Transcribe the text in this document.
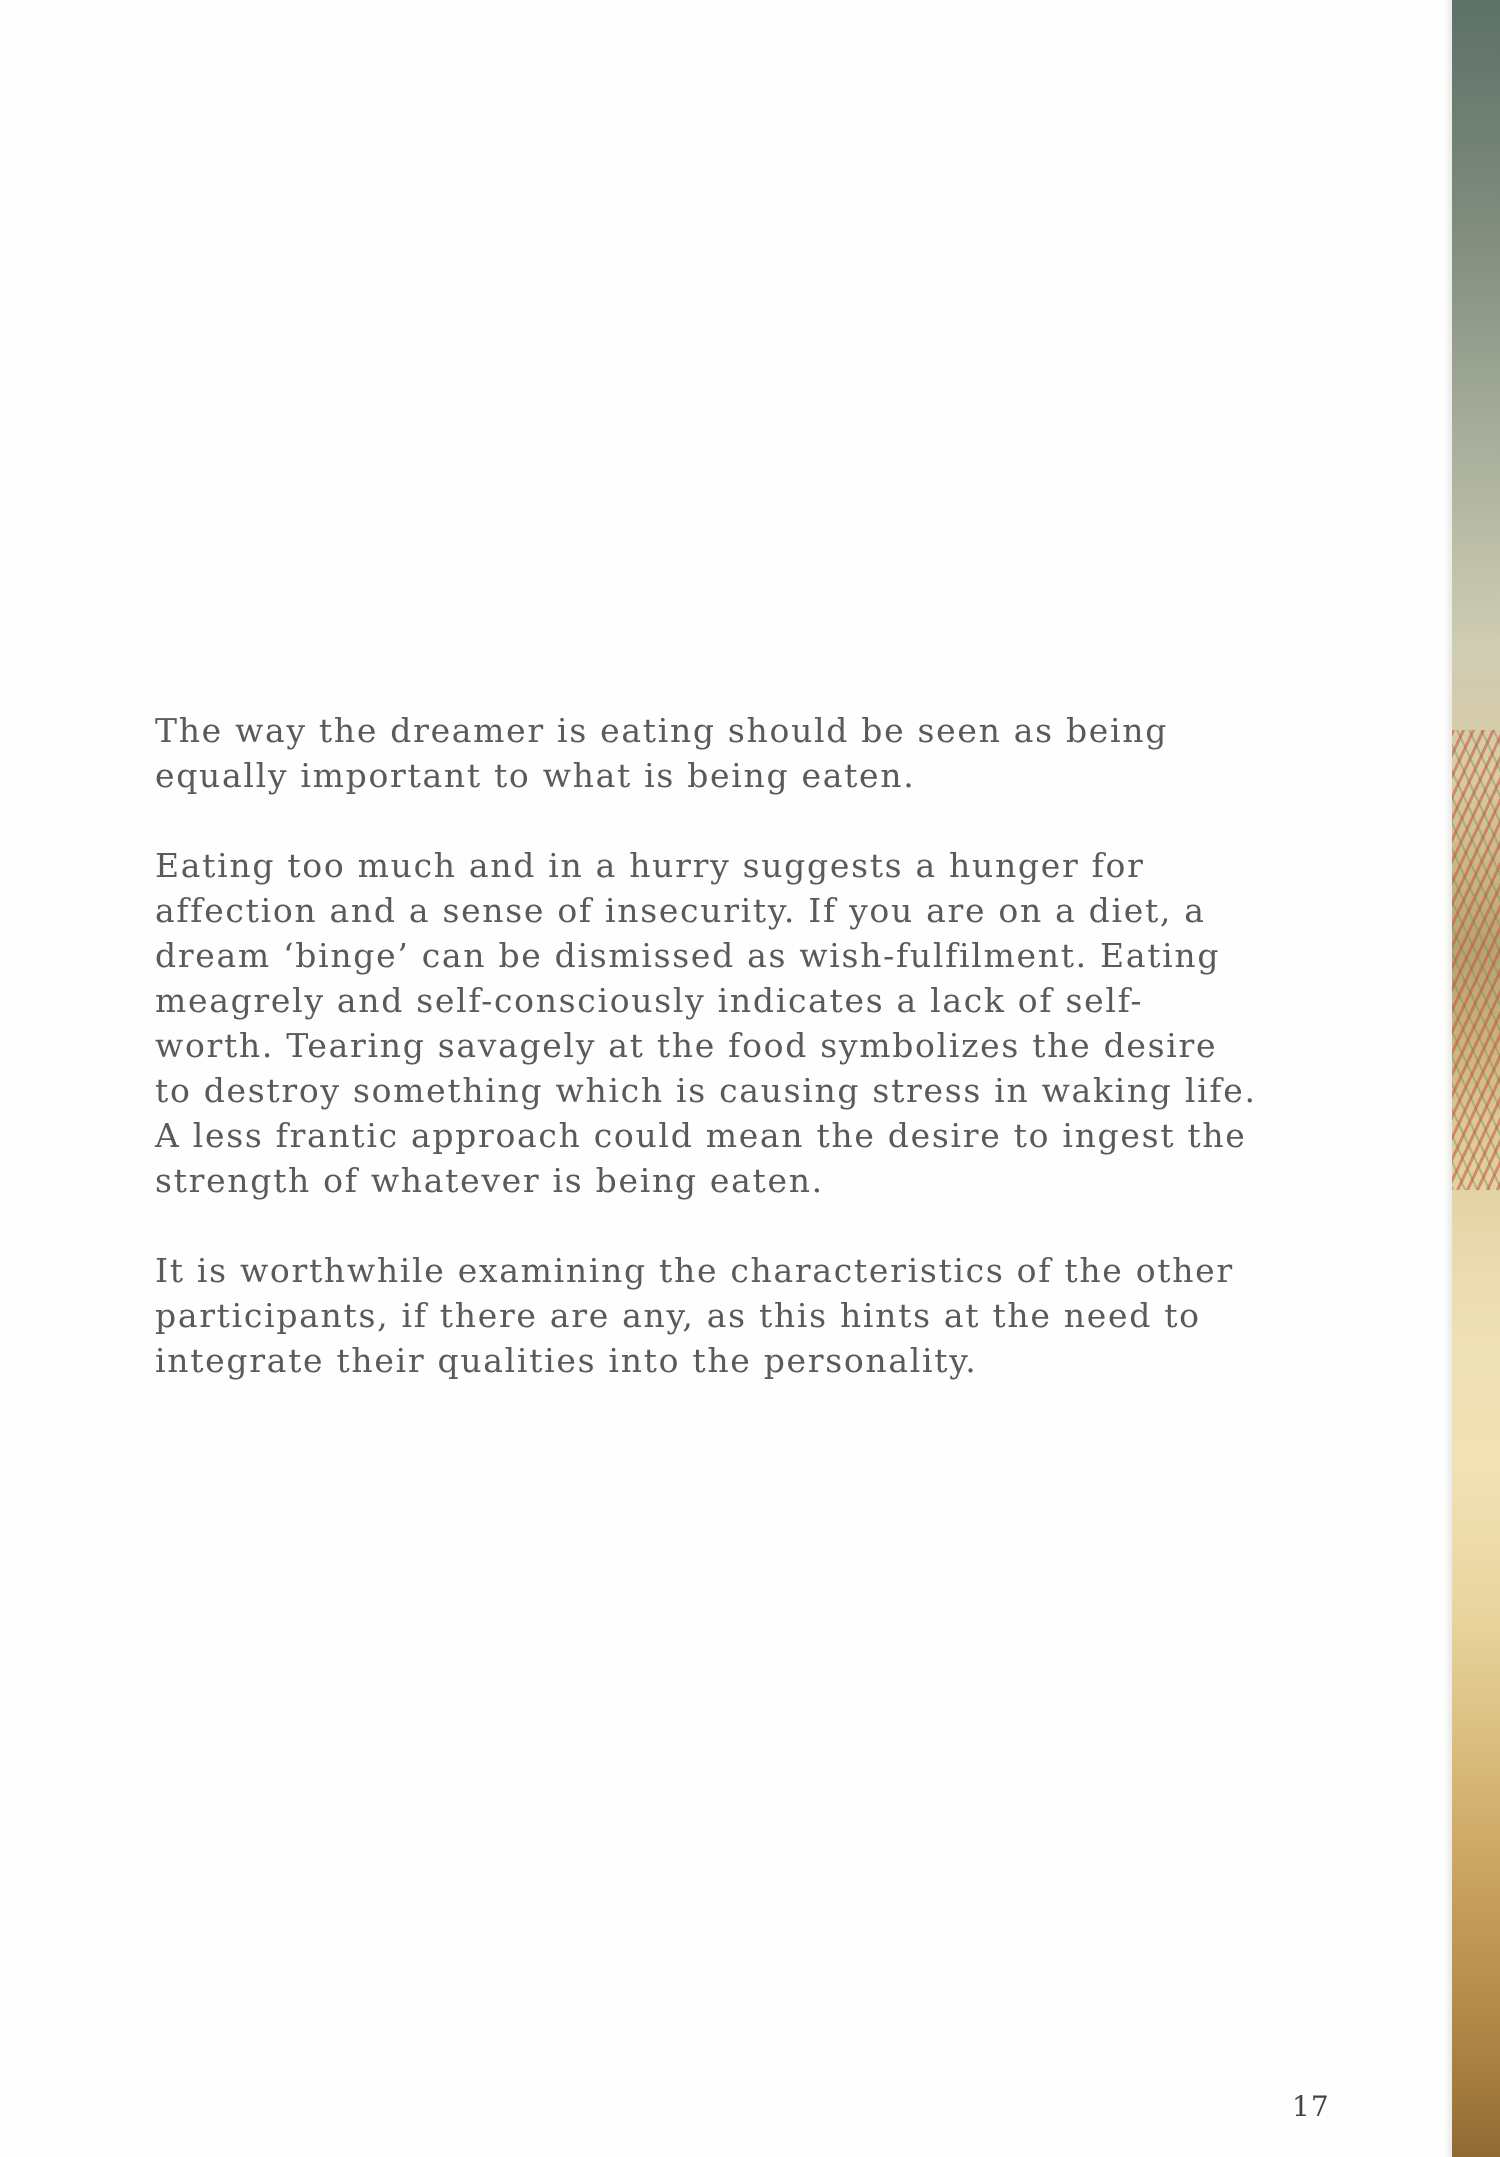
The way the dreamer is eating should be seen as being
equally important to what is being eaten.

Eating too much and in a hurry suggests a hunger for
affection and a sense of insecurity. If you are on a diet, a
dream ‘binge’ can be dismissed as wish-fulfilment. Eating
meagrely and self-consciously indicates a lack of self-
worth. Tearing savagely at the food symbolizes the desire
to destroy something which is causing stress in waking life.
A less frantic approach could mean the desire to ingest the
strength of whatever is being eaten.

It is worthwhile examining the characteristics of the other
participants, if there are any, as this hints at the need to
integrate their qualities into the personality.

17
